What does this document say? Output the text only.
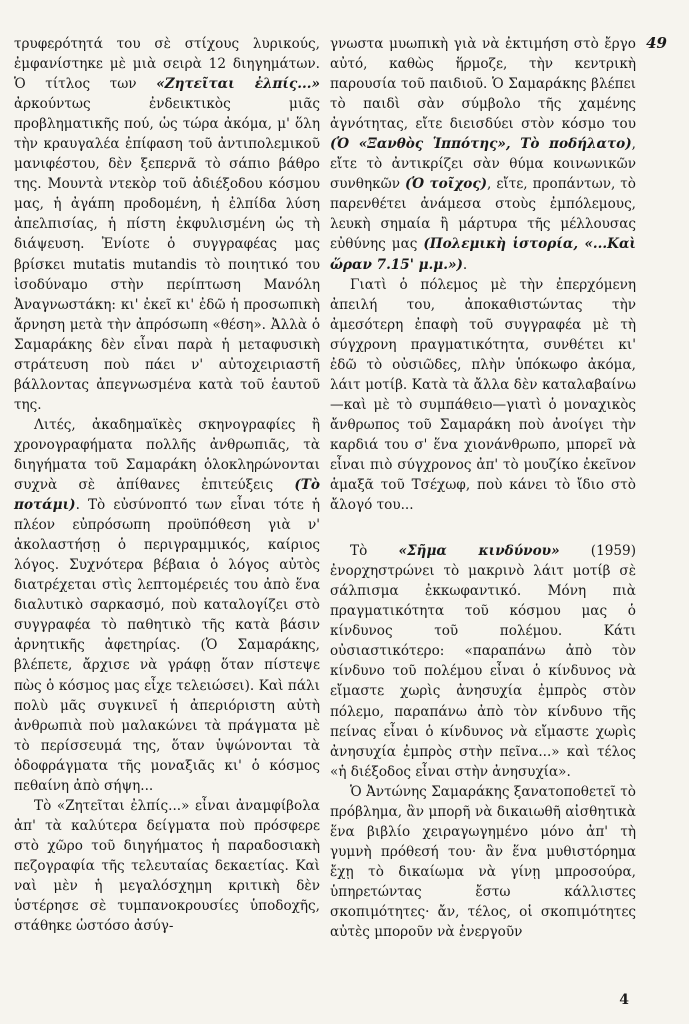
49

τρυφερότητά του σὲ στίχους λυρικούς, ἐμφανίστηκε μὲ μιὰ σειρὰ 12 διηγημάτων. Ὁ τίτλος των «Ζητεῖται ἐλπίς...» ἀρκούντως ἐνδεικτικὸς μιᾶς προβληματικῆς πού, ὡς τώρα ἀκόμα, μ' ὅλη τὴν κραυγαλέα ἐπίφαση τοῦ ἀντιπολεμικοῦ μανιφέστου, δὲν ξεπερνᾶ τὸ σάπιο βάθρο της. Μουντὰ ντεκὸρ τοῦ ἀδιέξοδου κόσμου μας, ἡ ἀγάπη προδομένη, ἡ ἐλπίδα λύση ἀπελπισίας, ἡ πίστη ἐκφυλισμένη ὡς τὴ διάψευση. Ἐνίοτε ὁ συγγραφέας μας βρίσκει mutatis mutandis τὸ ποιητικό του ἰσοδύναμο στὴν περίπτωση Μανόλη Ἀναγνωστάκη: κι' ἐκεῖ κι' ἐδῶ ἡ προσωπικὴ ἄρνηση μετὰ τὴν ἀπρόσωπη «θέση». Ἀλλὰ ὁ Σαμαράκης δὲν εἶναι παρὰ ἡ μεταφυσικὴ στράτευση ποὺ πάει ν' αὐτοχειριαστῆ βάλλοντας ἀπεγνωσμένα κατὰ τοῦ ἑαυτοῦ της.

Λιτές, ἀκαδημαϊκὲς σκηνογραφίες ἢ χρονογραφήματα πολλῆς ἀνθρωπιᾶς, τὰ διηγήματα τοῦ Σαμαράκη ὁλοκληρώνονται συχνὰ σὲ ἀπίθανες ἐπιτεύξεις (Τὸ ποτάμι). Τὸ εὐσύνοπτό των εἶναι τότε ἡ πλέον εὐπρόσωπη προϋπόθεση γιὰ ν' ἀκολαστήσῃ ὁ περιγραμμικός, καίριος λόγος. Συχνότερα βέβαια ὁ λόγος αὐτὸς διατρέχεται στὶς λεπτομέρειές του ἀπὸ ἕνα διαλυτικὸ σαρκασμό, ποὺ καταλογίζει στὸ συγγραφέα τὸ παθητικὸ τῆς κατὰ βάσιν ἀρνητικῆς ἀφετηρίας. (Ὁ Σαμαράκης, βλέπετε, ἄρχισε νὰ γράφῃ ὅταν πίστεψε πὼς ὁ κόσμος μας εἶχε τελειώσει). Καὶ πάλι πολὺ μᾶς συγκινεῖ ἡ ἀπεριόριστη αὐτὴ ἀνθρωπιὰ ποὺ μαλακώνει τὰ πράγματα μὲ τὸ περίσσευμά της, ὅταν ὑψώνονται τὰ ὀδοφράγματα τῆς μοναξιᾶς κι' ὁ κόσμος πεθαίνη ἀπὸ σήψη...

Τὸ «Ζητεῖται ἐλπίς...» εἶναι ἀναμφίβολα ἀπ' τὰ καλύτερα δείγματα ποὺ πρόσφερε στὸ χῶρο τοῦ διηγήματος ἡ παραδοσιακὴ πεζογραφία τῆς τελευταίας δεκαετίας. Καὶ ναὶ μὲν ἡ μεγαλόσχημη κριτικὴ δὲν ὑστέρησε σὲ τυμπανοκρουσίες ὑποδοχῆς, στάθηκε ὡστόσο ἀσύγ-

γνωστα μυωπικὴ γιὰ νὰ ἐκτιμήση στὸ ἔργο αὐτό, καθὼς ἥρμοζε, τὴν κεντρικὴ παρουσία τοῦ παιδιοῦ. Ὁ Σαμαράκης βλέπει τὸ παιδὶ σὰν σύμβολο τῆς χαμένης ἀγνότητας, εἴτε διεισδύει στὸν κόσμο του (Ὁ «Ξανθὸς Ἱππότης», Τὸ ποδήλατο), εἴτε τὸ ἀντικρίζει σὰν θύμα κοινωνικῶν συνθηκῶν (Ὁ τοῖχος), εἴτε, προπάντων, τὸ παρενθέτει ἀνάμεσα στοὺς ἐμπόλεμους, λευκὴ σημαία ἢ μάρτυρα τῆς μέλλουσας εὐθύνης μας (Πολεμικὴ ἱστορία, «...Καὶ ὥραν 7.15' μ.μ.»).

Γιατὶ ὁ πόλεμος μὲ τὴν ἐπερχόμενη ἀπειλή του, ἀποκαθιστώντας τὴν ἀμεσότερη ἐπαφὴ τοῦ συγγραφέα μὲ τὴ σύγχρονη πραγματικότητα, συνθέτει κι' ἐδῶ τὸ οὐσιῶδες, πλὴν ὑπόκωφο ἀκόμα, λάιτ μοτίβ. Κατὰ τὰ ἄλλα δὲν καταλαβαίνω—καὶ μὲ τὸ συμπάθειο—γιατὶ ὁ μοναχικὸς ἄνθρωπος τοῦ Σαμαράκη ποὺ ἀνοίγει τὴν καρδιά του σ' ἕνα χιονάνθρωπο, μπορεῖ νὰ εἶναι πιὸ σύγχρονος ἀπ' τὸ μουζίκο ἐκεῖνον ἁμαξᾶ τοῦ Τσέχωφ, ποὺ κάνει τὸ ἴδιο στὸ ἄλογό του...

Τὸ «Σῆμα κινδύνου» (1959) ἐνορχηστρώνει τὸ μακρινὸ λάιτ μοτίβ σὲ σάλπισμα ἐκκωφαντικό. Μόνη πιὰ πραγματικότητα τοῦ κόσμου μας ὁ κίνδυνος τοῦ πολέμου. Κάτι οὐσιαστικότερο: «παραπάνω ἀπὸ τὸν κίνδυνο τοῦ πολέμου εἶναι ὁ κίνδυνος νὰ εἴμαστε χωρὶς ἀνησυχία ἐμπρὸς στὸν πόλεμο, παραπάνω ἀπὸ τὸν κίνδυνο τῆς πείνας εἶναι ὁ κίνδυνος νὰ εἴμαστε χωρὶς ἀνησυχία ἐμπρὸς στὴν πεῖνα...» καὶ τέλος «ἡ διέξοδος εἶναι στὴν ἀνησυχία».

Ὁ Ἀντώνης Σαμαράκης ξανατοποθετεῖ τὸ πρόβλημα, ἂν μπορῆ νὰ δικαιωθῆ αἰσθητικὰ ἕνα βιβλίο χειραγωγημένο μόνο ἀπ' τὴ γυμνὴ πρόθεσή του· ἂν ἕνα μυθιστόρημα ἔχῃ τὸ δικαίωμα νὰ γίνῃ μπροσούρα, ὑπηρετώντας ἔστω κάλλιστες σκοπιμότητες· ἄν, τέλος, οἱ σκοπιμότητες αὐτὲς μποροῦν νὰ ἐνεργοῦν

4
